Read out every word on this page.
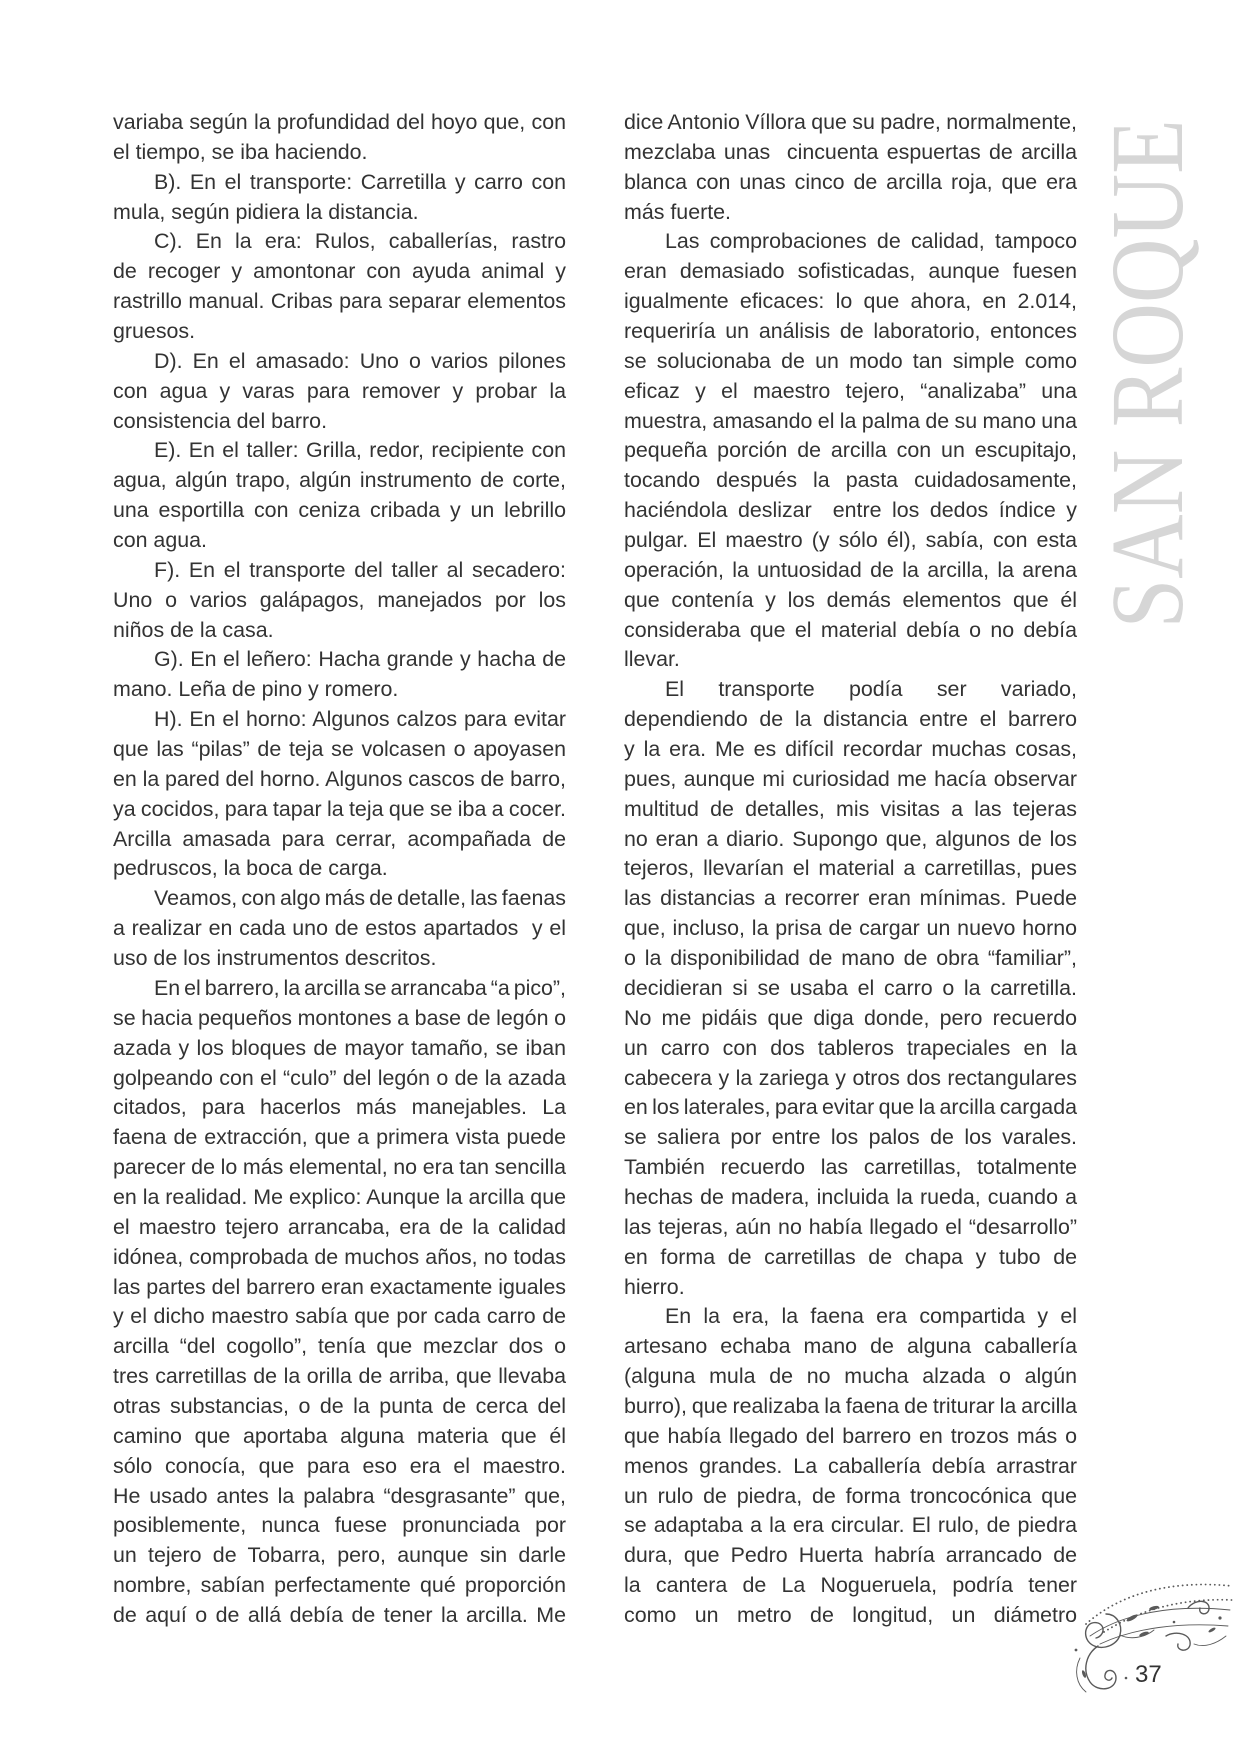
SAN ROQUE
variaba según la profundidad del hoyo que, con
el tiempo, se iba haciendo.
B). En el transporte: Carretilla y carro con
mula, según pidiera la distancia.
C). En la era: Rulos, caballerías, rastro
de recoger y amontonar con ayuda animal y
rastrillo manual. Cribas para separar elementos
gruesos.
D). En el amasado: Uno o varios pilones
con agua y varas para remover y probar la
consistencia del barro.
E). En el taller: Grilla, redor, recipiente con
agua, algún trapo, algún instrumento de corte,
una esportilla con ceniza cribada y un lebrillo
con agua.
F). En el transporte del taller al secadero:
Uno o varios galápagos, manejados por los
niños de la casa.
G). En el leñero: Hacha grande y hacha de
mano. Leña de pino y romero.
H). En el horno: Algunos calzos para evitar
que las “pilas” de teja se volcasen o apoyasen
en la pared del horno. Algunos cascos de barro,
ya cocidos, para tapar la teja que se iba a cocer.
Arcilla amasada para cerrar, acompañada de
pedruscos, la boca de carga.
Veamos, con algo más de detalle, las faenas
a realizar en cada uno de estos apartados  y el
uso de los instrumentos descritos.
En el barrero, la arcilla se arrancaba “a pico”,
se hacia pequeños montones a base de legón o
azada y los bloques de mayor tamaño, se iban
golpeando con el “culo” del legón o de la azada
citados, para hacerlos más manejables. La
faena de extracción, que a primera vista puede
parecer de lo más elemental, no era tan sencilla
en la realidad. Me explico: Aunque la arcilla que
el maestro tejero arrancaba, era de la calidad
idónea, comprobada de muchos años, no todas
las partes del barrero eran exactamente iguales
y el dicho maestro sabía que por cada carro de
arcilla “del cogollo”, tenía que mezclar dos o
tres carretillas de la orilla de arriba, que llevaba
otras substancias, o de la punta de cerca del
camino que aportaba alguna materia que él
sólo conocía, que para eso era el maestro.
He usado antes la palabra “desgrasante” que,
posiblemente, nunca fuese pronunciada por
un tejero de Tobarra, pero, aunque sin darle
nombre, sabían perfectamente qué proporción
de aquí o de allá debía de tener la arcilla. Me
dice Antonio Víllora que su padre, normalmente,
mezclaba unas  cincuenta espuertas de arcilla
blanca con unas cinco de arcilla roja, que era
más fuerte.
Las comprobaciones de calidad, tampoco
eran demasiado sofisticadas, aunque fuesen
igualmente eficaces: lo que ahora, en 2.014,
requeriría un análisis de laboratorio, entonces
se solucionaba de un modo tan simple como
eficaz y el maestro tejero, “analizaba” una
muestra, amasando el la palma de su mano una
pequeña porción de arcilla con un escupitajo,
tocando después la pasta cuidadosamente,
haciéndola deslizar  entre los dedos índice y
pulgar. El maestro (y sólo él), sabía, con esta
operación, la untuosidad de la arcilla, la arena
que contenía y los demás elementos que él
consideraba que el material debía o no debía
llevar.
El transporte podía ser variado,
dependiendo de la distancia entre el barrero
y la era. Me es difícil recordar muchas cosas,
pues, aunque mi curiosidad me hacía observar
multitud de detalles, mis visitas a las tejeras
no eran a diario. Supongo que, algunos de los
tejeros, llevarían el material a carretillas, pues
las distancias a recorrer eran mínimas. Puede
que, incluso, la prisa de cargar un nuevo horno
o la disponibilidad de mano de obra “familiar”,
decidieran si se usaba el carro o la carretilla.
No me pidáis que diga donde, pero recuerdo
un carro con dos tableros trapeciales en la
cabecera y la zariega y otros dos rectangulares
en los laterales, para evitar que la arcilla cargada
se saliera por entre los palos de los varales.
También recuerdo las carretillas, totalmente
hechas de madera, incluida la rueda, cuando a
las tejeras, aún no había llegado el “desarrollo”
en forma de carretillas de chapa y tubo de
hierro.
En la era, la faena era compartida y el
artesano echaba mano de alguna caballería
(alguna mula de no mucha alzada o algún
burro), que realizaba la faena de triturar la arcilla
que había llegado del barrero en trozos más o
menos grandes. La caballería debía arrastrar
un rulo de piedra, de forma troncocónica que
se adaptaba a la era circular. El rulo, de piedra
dura, que Pedro Huerta habría arrancado de
la cantera de La Nogueruela, podría tener
como un metro de longitud, un diámetro
37
